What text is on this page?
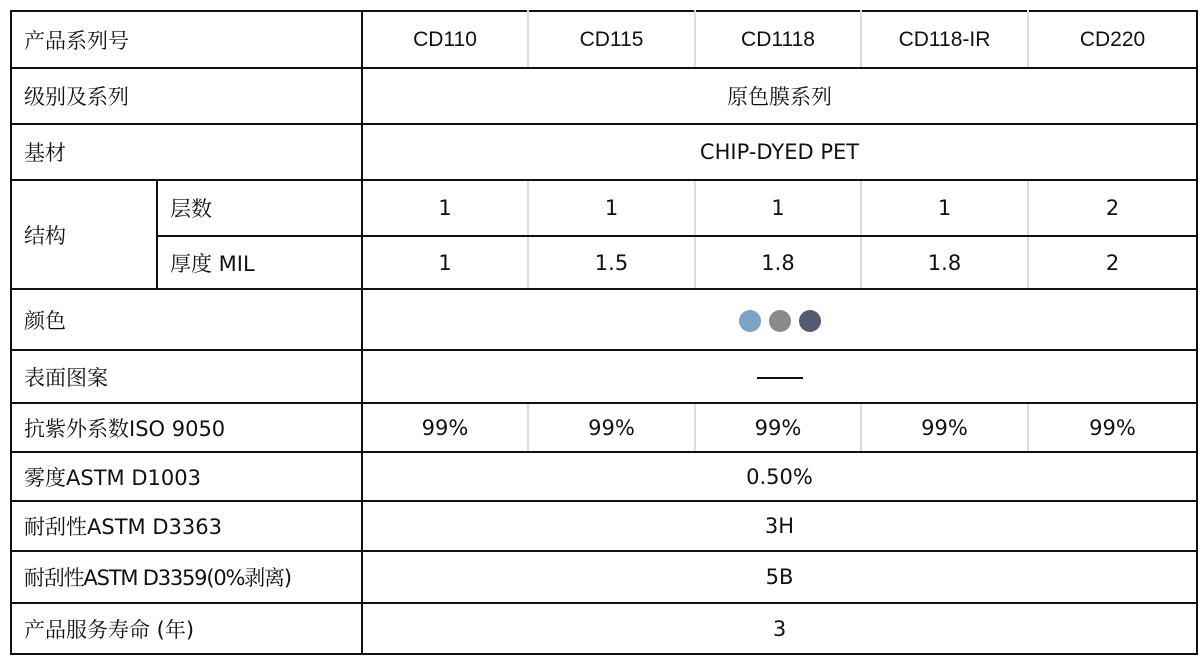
产品系列号		CD110	CD115	CD1118	CD118-IR	CD220
级别及系列		原色膜系列				
基材		CHIP-DYED PET				
结构	层数	1	1	1	1	2
	厚度 MIL	1	1.5	1.8	1.8	2
颜色						

表面图案						
抗紫外系数ISO 9050		99%	99%	99%	99%	99%
雾度ASTM D1003		0.50%				
耐刮性ASTM D3363		3H				
耐刮性ASTM D3359(0%剥离)		5B				
产品服务寿命 (年)		3				
